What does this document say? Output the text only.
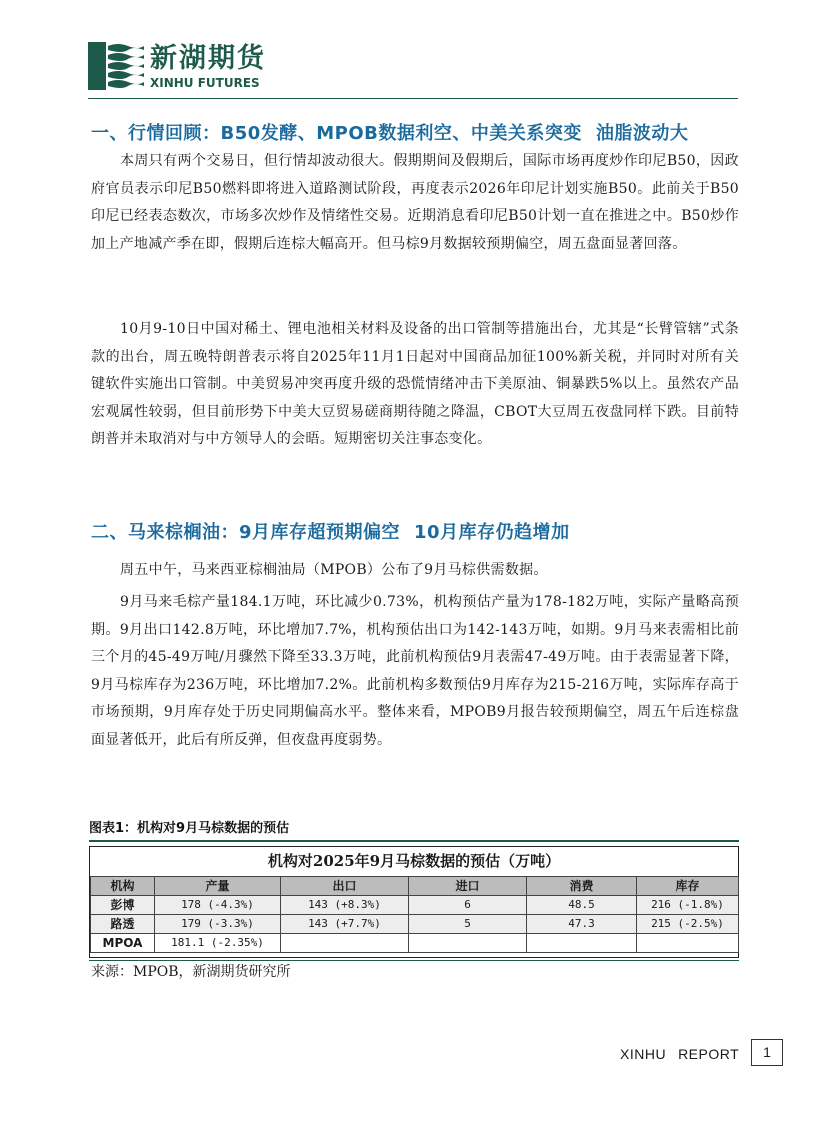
新湖期货
XINHU FUTURES
一、行情回顾：B50发酵、MPOB数据利空、中美关系突变 油脂波动大

本周只有两个交易日，但行情却波动很大。假期期间及假期后，国际市场再度炒作印尼B50，因政府官员表示印尼B50燃料即将进入道路测试阶段，再度表示2026年印尼计划实施B50。此前关于B50印尼已经表态数次，市场多次炒作及情绪性交易。近期消息看印尼B50计划一直在推进之中。B50炒作加上产地减产季在即，假期后连棕大幅高开。但马棕9月数据较预期偏空，周五盘面显著回落。

10月9-10日中国对稀土、锂电池相关材料及设备的出口管制等措施出台，尤其是“长臂管辖”式条款的出台，周五晚特朗普表示将自2025年11月1日起对中国商品加征100%新关税，并同时对所有关键软件实施出口管制。中美贸易冲突再度升级的恐慌情绪冲击下美原油、铜暴跌5%以上。虽然农产品宏观属性较弱，但目前形势下中美大豆贸易磋商期待随之降温，CBOT大豆周五夜盘同样下跌。目前特朗普并未取消对与中方领导人的会晤。短期密切关注事态变化。

二、马来棕榈油：9月库存超预期偏空 10月库存仍趋增加

周五中午，马来西亚棕榈油局（MPOB）公布了9月马棕供需数据。

9月马来毛棕产量184.1万吨，环比减少0.73%，机构预估产量为178-182万吨，实际产量略高预期。9月出口142.8万吨，环比增加7.7%，机构预估出口为142-143万吨，如期。9月马来表需相比前三个月的45-49万吨/月骤然下降至33.3万吨，此前机构预估9月表需47-49万吨。由于表需显著下降，9月马棕库存为236万吨，环比增加7.2%。此前机构多数预估9月库存为215-216万吨，实际库存高于市场预期，9月库存处于历史同期偏高水平。整体来看，MPOB9月报告较预期偏空，周五午后连棕盘面显著低开，此后有所反弹，但夜盘再度弱势。

图表1：机构对9月马棕数据的预估
机构对2025年9月马棕数据的预估（万吨）
机构	产量	出口	进口	消费	库存
彭博	178 (-4.3%)	143 (+8.3%)	6	48.5	216 (-1.8%)
路透	179 (-3.3%)	143 (+7.7%)	5	47.3	215 (-2.5%)
MPOA	181.1 (-2.35%)				
来源：MPOB，新湖期货研究所
XINHU REPORT	1
